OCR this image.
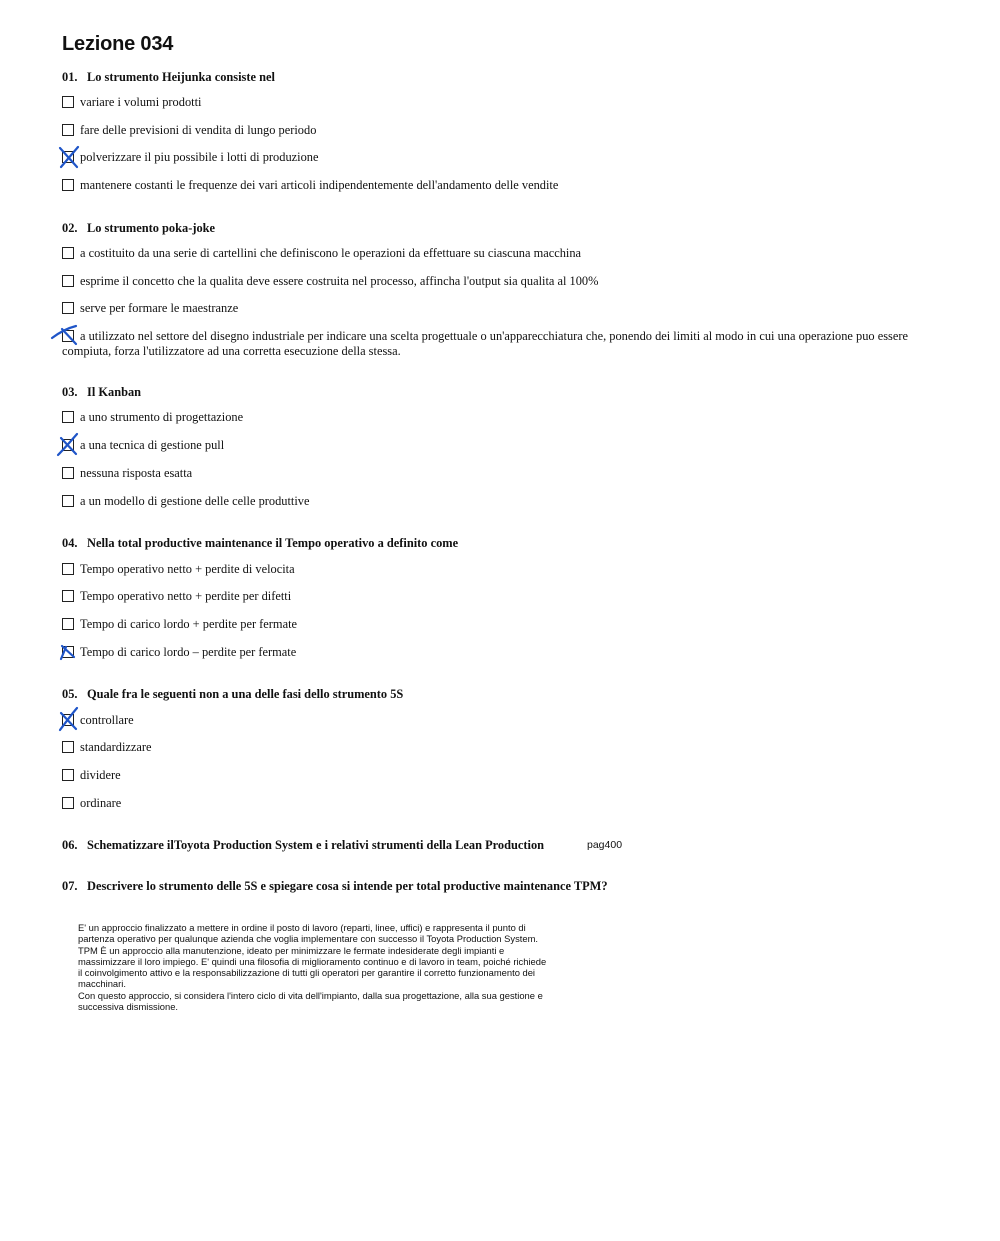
Lezione 034
01. Lo strumento Heijunka consiste nel
variare i volumi prodotti
fare delle previsioni di vendita di lungo periodo
polverizzare il piu possibile i lotti di produzione
mantenere costanti le frequenze dei vari articoli indipendentemente dell'andamento delle vendite
02. Lo strumento poka-joke
a costituito da una serie di cartellini che definiscono le operazioni da effettuare su ciascuna macchina
esprime il concetto che la qualita deve essere costruita nel processo, affincha l'output sia qualita al 100%
serve per formare le maestranze
a utilizzato nel settore del disegno industriale per indicare una scelta progettuale o un'apparecchiatura che, ponendo dei limiti al modo in cui una operazione puo essere
compiuta, forza l'utilizzatore ad una corretta esecuzione della stessa.
03. Il Kanban
a uno strumento di progettazione
a una tecnica di gestione pull
nessuna risposta esatta
a un modello di gestione delle celle produttive
04. Nella total productive maintenance il Tempo operativo a definito come
Tempo operativo netto + perdite di velocita
Tempo operativo netto + perdite per difetti
Tempo di carico lordo + perdite per fermate
Tempo di carico lordo – perdite per fermate
05. Quale fra le seguenti non a una delle fasi dello strumento 5S
controllare
standardizzare
dividere
ordinare
06. Schematizzare ilToyota Production System e i relativi strumenti della Lean Production	pag400
07. Descrivere lo strumento delle 5S e spiegare cosa si intende per total productive maintenance TPM?

E' un approccio finalizzato a mettere in ordine il posto di lavoro (reparti, linee, uffici) e rappresenta il punto di partenza operativo per qualunque azienda che voglia implementare con successo il Toyota Production System.

TPM È un approccio alla manutenzione, ideato per minimizzare le fermate indesiderate degli impianti e massimizzare il loro impiego. E' quindi una filosofia di miglioramento continuo e di lavoro in team, poiché richiede il coinvolgimento attivo e la responsabilizzazione di tutti gli operatori per garantire il corretto funzionamento dei macchinari.

Con questo approccio, si considera l'intero ciclo di vita dell'impianto, dalla sua progettazione, alla sua gestione e successiva dismissione.
